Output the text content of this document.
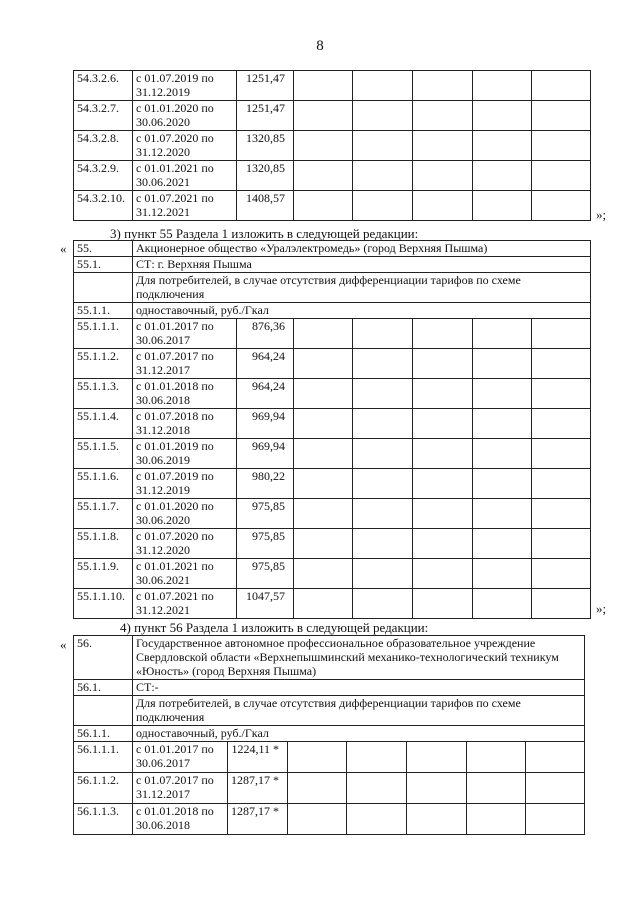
8
54.3.2.6.	с 01.07.2019 по 31.12.2019	1251,47					
54.3.2.7.	с 01.01.2020 по 30.06.2020	1251,47					
54.3.2.8.	с 01.07.2020 по 31.12.2020	1320,85					
54.3.2.9.	с 01.01.2021 по 30.06.2021	1320,85					
54.3.2.10.	с 01.07.2021 по 31.12.2021	1408,57					
»;
3) пункт 55 Раздела 1 изложить в следующей редакции:
« 55.	Акционерное общество «Уралэлектромедь» (город Верхняя Пышма)						
55.1.	СТ: г. Верхняя Пышма						
	Для потребителей, в случае отсутствия дифференциации тарифов по схеме подключения						
55.1.1.	одноставочный, руб./Гкал						
55.1.1.1.	с 01.01.2017 по 30.06.2017	876,36					
55.1.1.2.	с 01.07.2017 по 31.12.2017	964,24					
55.1.1.3.	с 01.01.2018 по 30.06.2018	964,24					
55.1.1.4.	с 01.07.2018 по 31.12.2018	969,94					
55.1.1.5.	с 01.01.2019 по 30.06.2019	969,94					
55.1.1.6.	с 01.07.2019 по 31.12.2019	980,22					
55.1.1.7.	с 01.01.2020 по 30.06.2020	975,85					
55.1.1.8.	с 01.07.2020 по 31.12.2020	975,85					
55.1.1.9.	с 01.01.2021 по 30.06.2021	975,85					
55.1.1.10.	с 01.07.2021 по 31.12.2021	1047,57					
»;
4) пункт 56 Раздела 1 изложить в следующей редакции:
« 56.	Государственное автономное профессиональное образовательное учреждение Свердловской области «Верхнепышминский механико-технологический техникум «Юность» (город Верхняя Пышма)						
56.1.	СТ:-						
	Для потребителей, в случае отсутствия дифференциации тарифов по схеме подключения						
56.1.1.	одноставочный, руб./Гкал						
56.1.1.1.	с 01.01.2017 по 30.06.2017	1224,11 *					
56.1.1.2.	с 01.07.2017 по 31.12.2017	1287,17 *					
56.1.1.3.	с 01.01.2018 по 30.06.2018	1287,17 *					
